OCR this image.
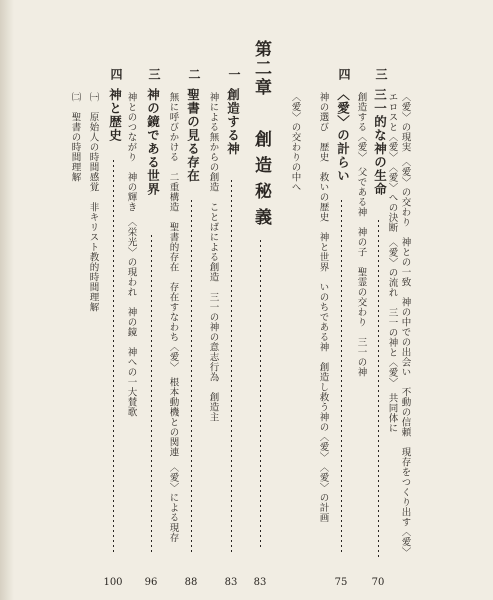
三
三一的な神の生命 〈愛〉の現実　〈愛〉の交わり　神との一致　神の中での出会い　不動の信頼　現存をつくり出す〈愛〉
エロスと〈愛〉　〈愛〉への決断　〈愛〉の流れ　三一の神と〈愛〉　共同体に
創造する〈愛〉　父である神　神の子　聖霊の交わり　三一の神
70
四
〈愛〉の計らい
神の選び　歴史　救いの歴史　神と世界　いのちである神　創造し救う神の〈愛〉　〈愛〉の計画
〈愛〉の交わりの中へ
75
第二章
創造秘義
83
一
創造する神
神による無からの創造　ことばによる創造　三一の神の意志行為　創造主
83
二
聖書の見る存在
無に呼びかける　二重構造　聖書的存在　存在すなわち〈愛〉　根本動機との関連　〈愛〉による現存
88
三
神の鏡である世界
神とのつながり　神の輝き　〈栄光〉の現われ　神の鏡　神への一大賛歌
96
四
神と歴史
㈠　原始人の時間感覚　非キリスト教的時間理解
㈡　聖書の時間理解
100
